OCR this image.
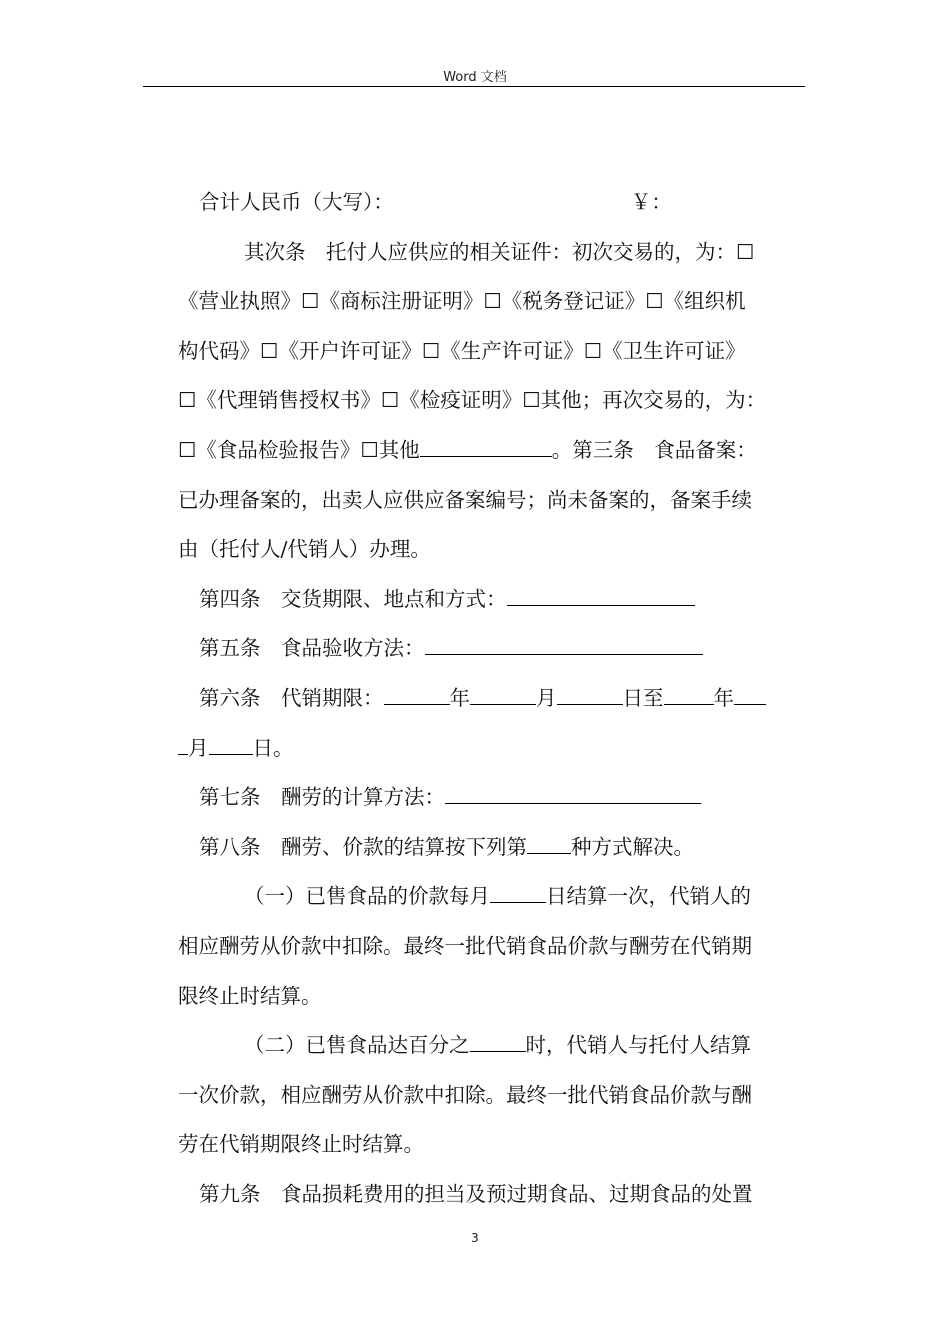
Word 文档

合计人民币（大写）：	￥：

其次条　托付人应供应的相关证件：初次交易的，为：☐

《营业执照》☐《商标注册证明》☐《税务登记证》☐《组织机

构代码》☐《开户许可证》☐《生产许可证》☐《卫生许可证》

☐《代理销售授权书》☐《检疫证明》☐其他；再次交易的，为：

☐《食品检验报告》☐其他	。第三条　食品备案：

已办理备案的，出卖人应供应备案编号；尚未备案的，备案手续

由（托付人/代销人）办理。

第四条　交货期限、地点和方式：

第五条　食品验收方法：

第六条　代销期限：	年	月	日至 年

月 日。

第七条　酬劳的计算方法：

第八条　酬劳、价款的结算按下列第 种方式解决。

（一）已售食品的价款每月	日结算一次，代销人的

相应酬劳从价款中扣除。最终一批代销食品价款与酬劳在代销期

限终止时结算。

（二）已售食品达百分之	时，代销人与托付人结算

一次价款，相应酬劳从价款中扣除。最终一批代销食品价款与酬

劳在代销期限终止时结算。

第九条　食品损耗费用的担当及预过期食品、过期食品的处置

3
